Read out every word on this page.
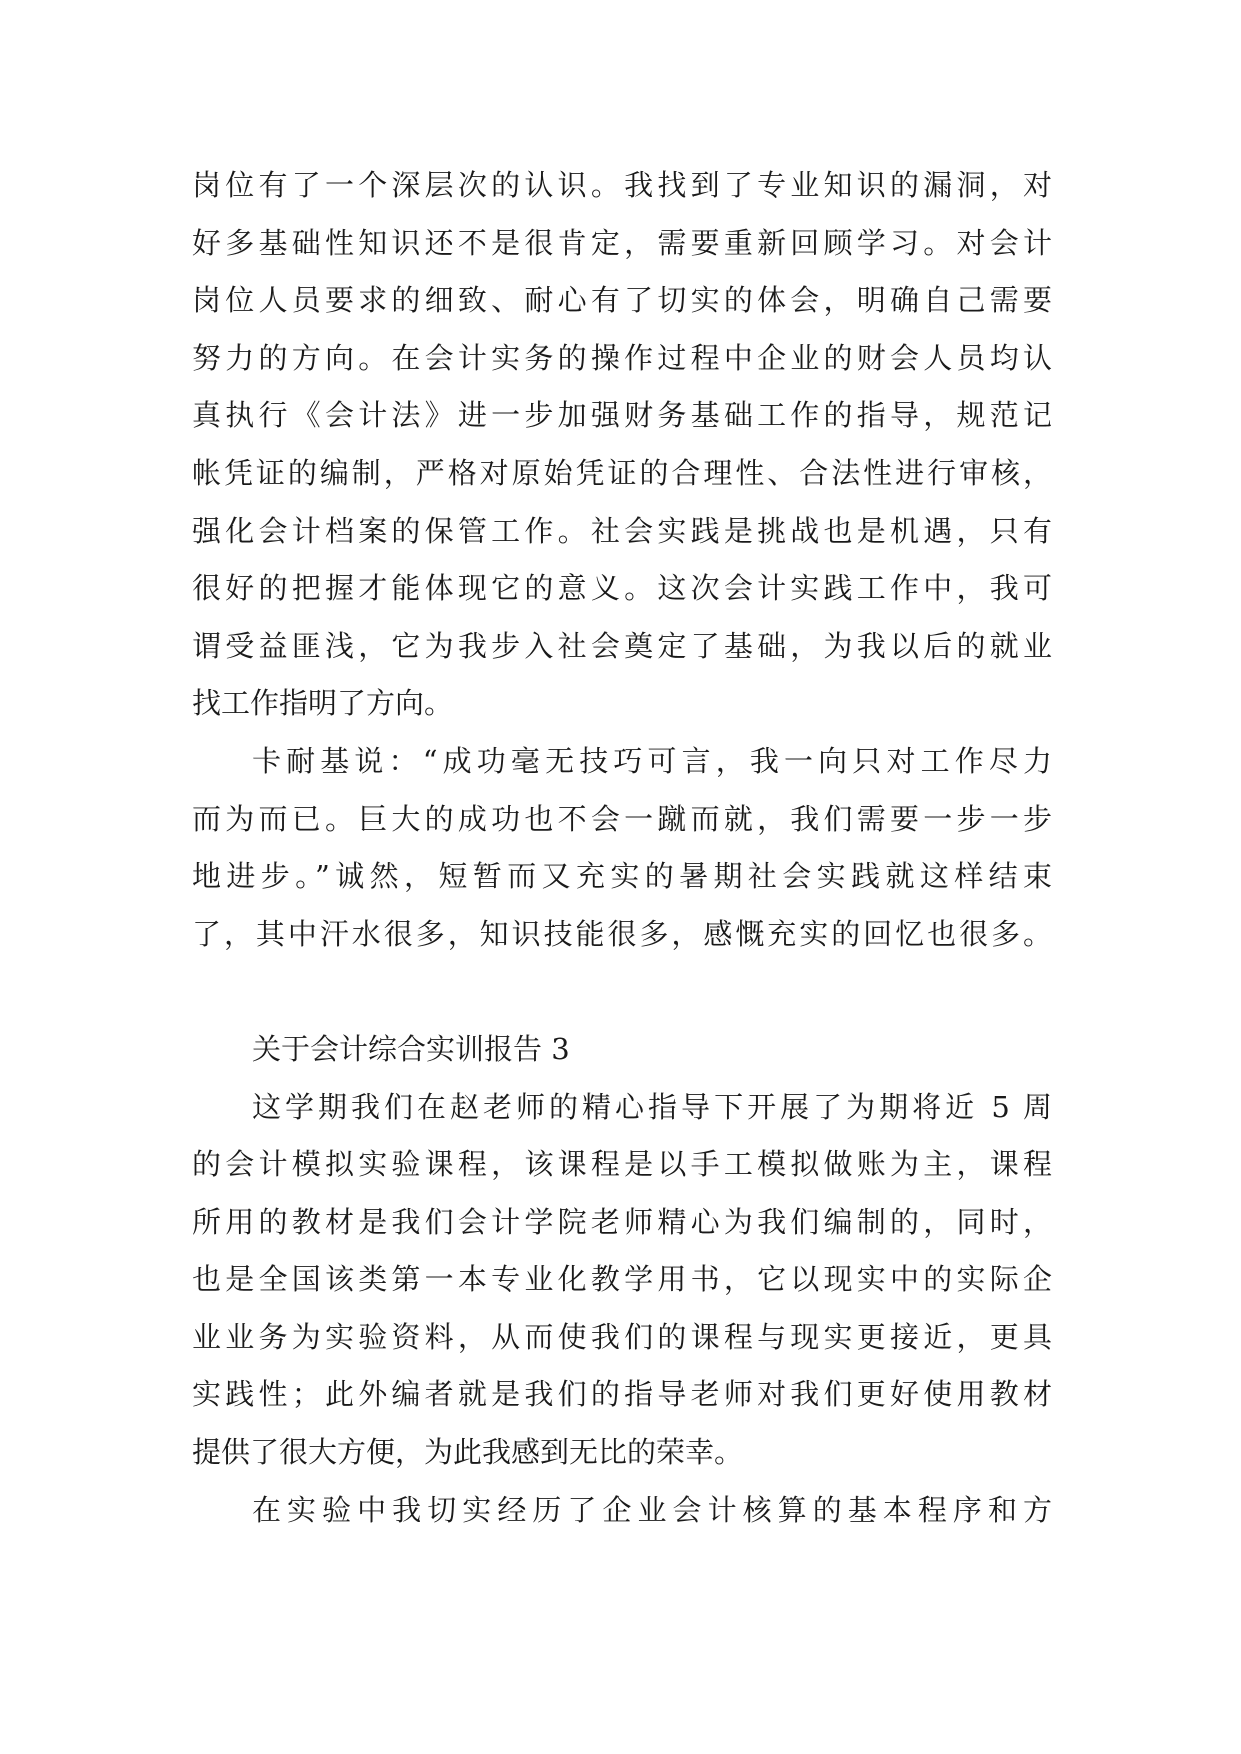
岗位有了一个深层次的认识。我找到了专业知识的漏洞，对
好多基础性知识还不是很肯定，需要重新回顾学习。对会计
岗位人员要求的细致、耐心有了切实的体会，明确自己需要
努力的方向。在会计实务的操作过程中企业的财会人员均认
真执行《会计法》进一步加强财务基础工作的指导，规范记
帐凭证的编制，严格对原始凭证的合理性、合法性进行审核，
强化会计档案的保管工作。社会实践是挑战也是机遇，只有
很好的把握才能体现它的意义。这次会计实践工作中，我可
谓受益匪浅，它为我步入社会奠定了基础，为我以后的就业
找工作指明了方向。
卡耐基说：“成功毫无技巧可言，我一向只对工作尽力
而为而已。巨大的成功也不会一蹴而就，我们需要一步一步
地进步。”诚然，短暂而又充实的暑期社会实践就这样结束
了，其中汗水很多，知识技能很多，感慨充实的回忆也很多。
关于会计综合实训报告 3
这学期我们在赵老师的精心指导下开展了为期将近 5 周
的会计模拟实验课程，该课程是以手工模拟做账为主，课程
所用的教材是我们会计学院老师精心为我们编制的，同时，
也是全国该类第一本专业化教学用书，它以现实中的实际企
业业务为实验资料，从而使我们的课程与现实更接近，更具
实践性；此外编者就是我们的指导老师对我们更好使用教材
提供了很大方便，为此我感到无比的荣幸。
在实验中我切实经历了企业会计核算的基本程序和方
